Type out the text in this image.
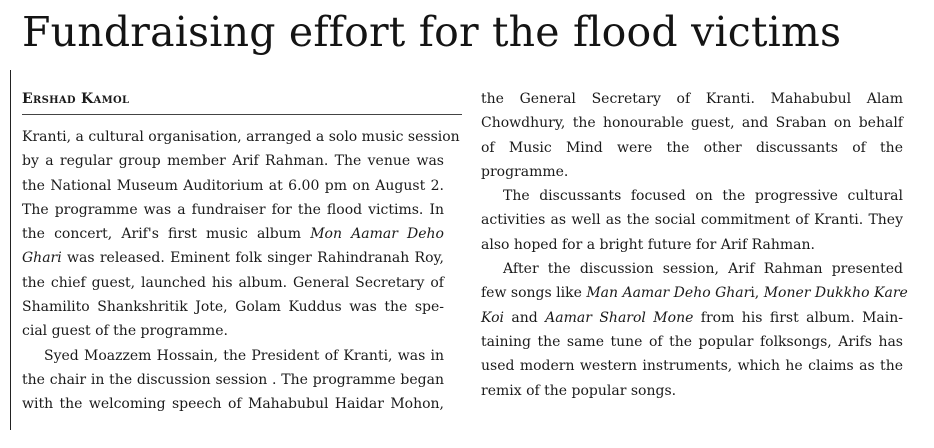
Fundraising effort for the flood victims
Ershad Kamol
Kranti, a cultural organisation, arranged a solo music session
by a regular group member Arif Rahman. The venue was
the National Museum Auditorium at 6.00 pm on August 2.
The programme was a fundraiser for the flood victims. In
the concert, Arif's first music album Mon Aamar Deho
Ghari was released. Eminent folk singer Rahindranah Roy,
the chief guest, launched his album. General Secretary of
Shamilito Shankshritik Jote, Golam Kuddus was the spe-
cial guest of the programme.
Syed Moazzem Hossain, the President of Kranti, was in
the chair in the discussion session . The programme began
with the welcoming speech of Mahabubul Haidar Mohon,
the General Secretary of Kranti. Mahabubul Alam
Chowdhury, the honourable guest, and Sraban on behalf
of Music Mind were the other discussants of the
programme.
The discussants focused on the progressive cultural
activities as well as the social commitment of Kranti. They
also hoped for a bright future for Arif Rahman.
After the discussion session, Arif Rahman presented
few songs like Man Aamar Deho Ghari, Moner Dukkho Kare
Koi and Aamar Sharol Mone from his first album. Main-
taining the same tune of the popular folksongs, Arifs has
used modern western instruments, which he claims as the
remix of the popular songs.
